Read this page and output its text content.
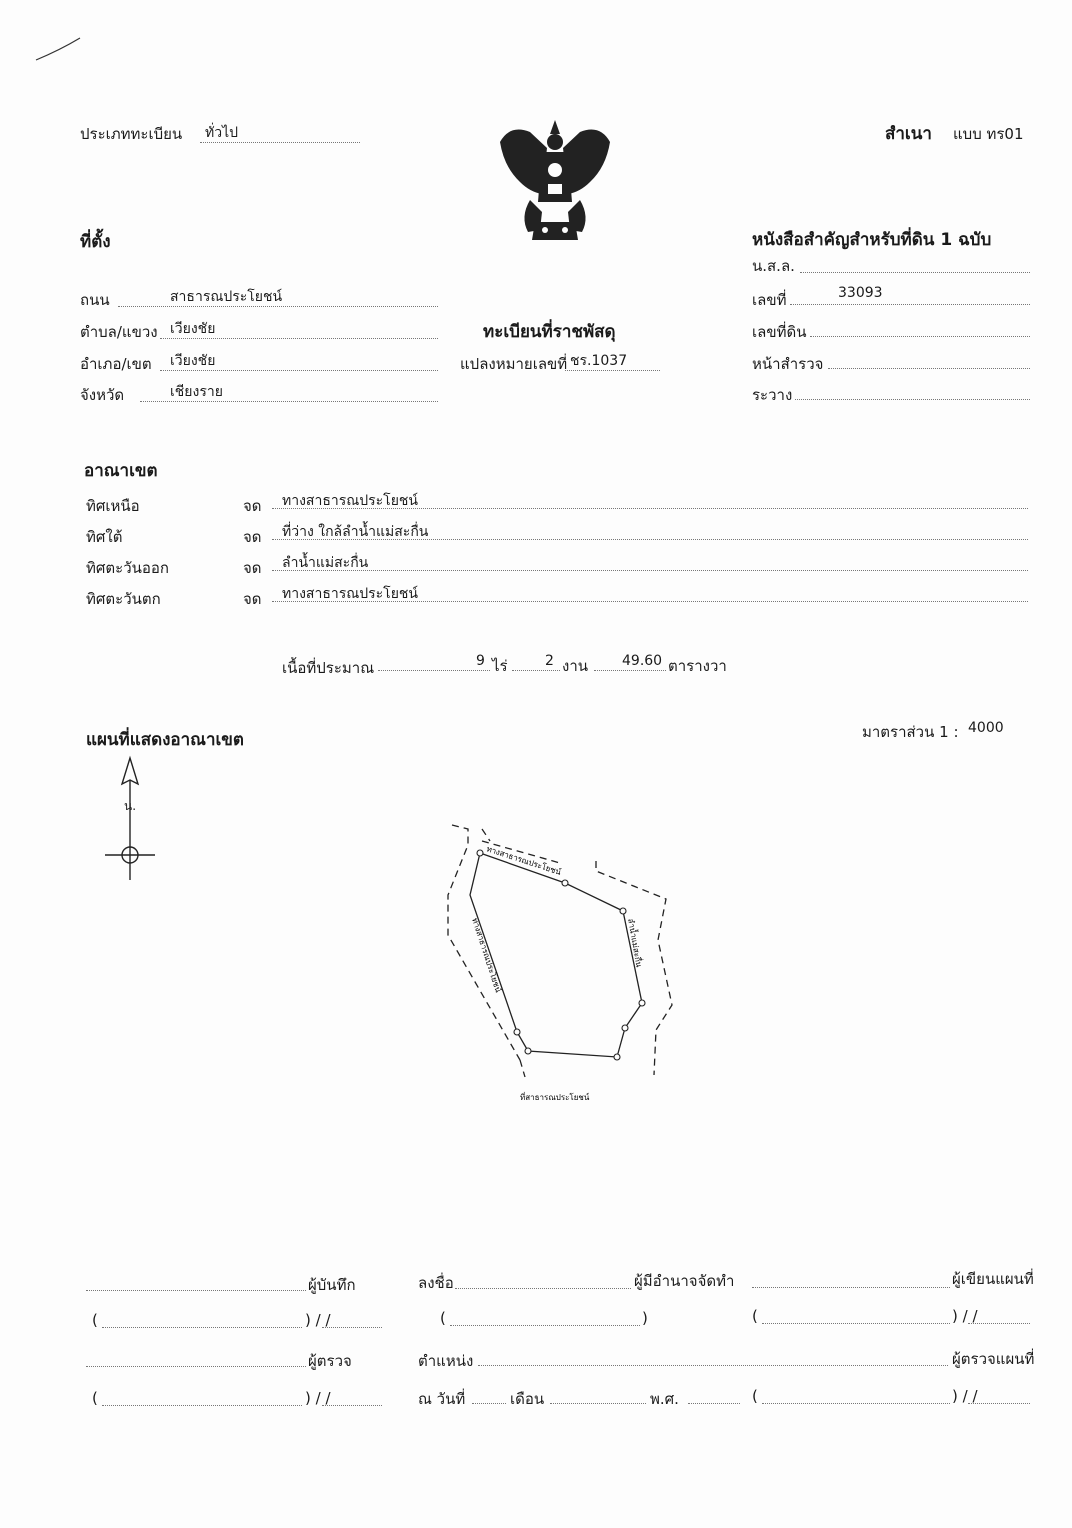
ประเภททะเบียน ทั่วไป	สำเนา แบบ ทร01
ที่ตั้ง
ถนน	สาธารณประโยชน์
ตำบล/แขวง เวียงชัย
อำเภอ/เขต เวียงชัย
จังหวัด	เชียงราย
ทะเบียนที่ราชพัสดุ
แปลงหมายเลขที่ ชร.1037
หนังสือสำคัญสำหรับที่ดิน 1 ฉบับ
น.ส.ล.
เลขที่	33093
เลขที่ดิน
หน้าสำรวจ
ระวาง
อาณาเขต
ทิศเหนือ	จด ทางสาธารณประโยชน์
ทิศใต้	จด ที่ว่าง ใกล้ลำน้ำแม่สะกื่น
ทิศตะวันออก	จด ลำน้ำแม่สะกื่น
ทิศตะวันตก	จด ทางสาธารณประโยชน์
เนื้อที่ประมาณ	9 ไร่	2 งาน 49.60 ตารางวา
แผนที่แสดงอาณาเขต	มาตราส่วน 1 : 4000
น.
ที่สาธารณประโยชน์
ทางสาธารณประโยชน์
ทางสาธารณประโยชน์	ลำน้ำแม่สะกื่น
ผู้บันทึก	ลงชื่อ	ผู้มีอำนาจจัดทำ	ผู้เขียนแผนที่
(	) / /	(	)	(	) / /
ผู้ตรวจ	ตำแหน่ง	ผู้ตรวจแผนที่
(	) / /	ณ วันที่	เดือน	พ.ศ.	(	) / /
